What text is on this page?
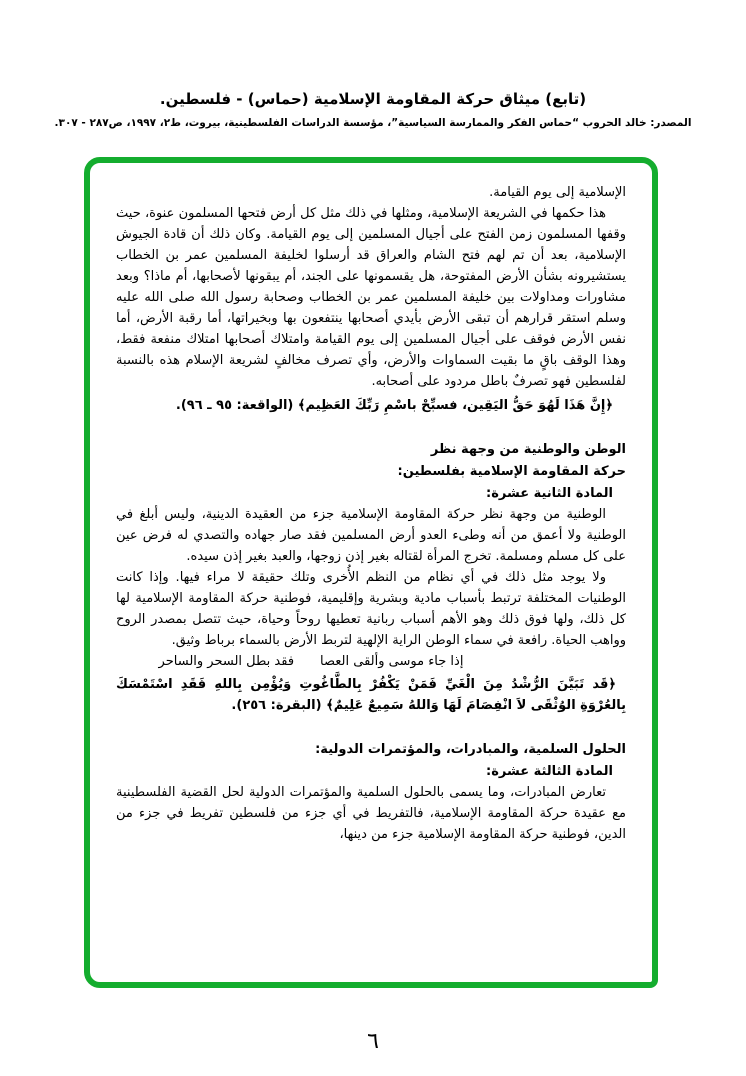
(تابع) ميثاق حركة المقاومة الإسلامية (حماس) - فلسطين.
المصدر: خالد الحروب “حماس الفكر والممارسة السياسية”، مؤسسة الدراسات الفلسطينية، بيروت، ط٢، ١٩٩٧، ص٢٨٧ - ٣٠٧.
الإسلامية إلى يوم القيامة.
هذا حكمها في الشريعة الإسلامية، ومثلها في ذلك مثل كل أرض فتحها المسلمون عنوة، حيث وقفها المسلمون زمن الفتح على أجيال المسلمين إلى يوم القيامة. وكان ذلك أن قادة الجيوش الإسلامية، بعد أن تم لهم فتح الشام والعراق قد أرسلوا لخليفة المسلمين عمر بن الخطاب يستشيرونه بشأن الأرض المفتوحة، هل يقسمونها على الجند، أم يبقونها لأصحابها، أم ماذا؟ وبعد مشاورات ومداولات بين خليفة المسلمين عمر بن الخطاب وصحابة رسول الله صلى الله عليه وسلم استقر قرارهم أن تبقى الأرض بأيدي أصحابها ينتفعون بها وبخيراتها، أما رقبة الأرض، أما نفس الأرض فوقف على أجيال المسلمين إلى يوم القيامة وامتلاك أصحابها امتلاك منفعة فقط، وهذا الوقف باقٍ ما بقيت السماوات والأرض، وأي تصرف مخالفٍ لشريعة الإسلام هذه بالنسبة لفلسطين فهو تصرفٌ باطل مردود على أصحابه.
﴿إِنَّ هَذَا لَهُوَ حَقُّ اليَقِين، فسبِّحْ باسْمِ رَبِّكَ العَظِيم﴾ (الواقعة: ٩٥ ـ ٩٦).
الوطن والوطنية من وجهة نظر
حركة المقاومة الإسلامية بفلسطين:
المادة الثانية عشرة:
الوطنية من وجهة نظر حركة المقاومة الإسلامية جزء من العقيدة الدينية، وليس أبلغ في الوطنية ولا أعمق من أنه وطىء العدو أرض المسلمين فقد صار جهاده والتصدي له فرض عين على كل مسلم ومسلمة. تخرج المرأة لقتاله بغير إذن زوجها، والعبد بغير إذن سيده.
ولا يوجد مثل ذلك في أي نظام من النظم الأُخرى وتلك حقيقة لا مراء فيها. وإذا كانت الوطنيات المختلفة ترتبط بأسباب مادية وبشرية وإقليمية، فوطنية حركة المقاومة الإسلامية لها كل ذلك، ولها فوق ذلك وهو الأهم أسباب ربانية تعطيها روحاً وحياة، حيث تتصل بمصدر الروح وواهب الحياة. رافعة في سماء الوطن الراية الإلهية لتربط الأرض بالسماء برباط وثيق.
إذا جاء موسى وألقى العصا
فقد بطل السحر والساحر
﴿قَد تَبَيَّنَ الرُّشْدُ مِنَ الْغَيِّ فَمَنْ يَكْفُرْ بِالطَّاغُوتِ وَيُؤْمِن بِاللهِ فَقَدِ اسْتَمْسَكَ بِالعُرْوَةِ الوُثْقَى لاَ انْفِصَامَ لَهَا وَاللهُ سَمِيعٌ عَلِيمٌ﴾ (البقرة: ٢٥٦).
الحلول السلمية، والمبادرات، والمؤتمرات الدولية:
المادة الثالثة عشرة:
تعارض المبادرات، وما يسمى بالحلول السلمية والمؤتمرات الدولية لحل القضية الفلسطينية مع عقيدة حركة المقاومة الإسلامية، فالتفريط في أي جزء من فلسطين تفريط في جزء من الدين، فوطنية حركة المقاومة الإسلامية جزء من دينها،
٦
